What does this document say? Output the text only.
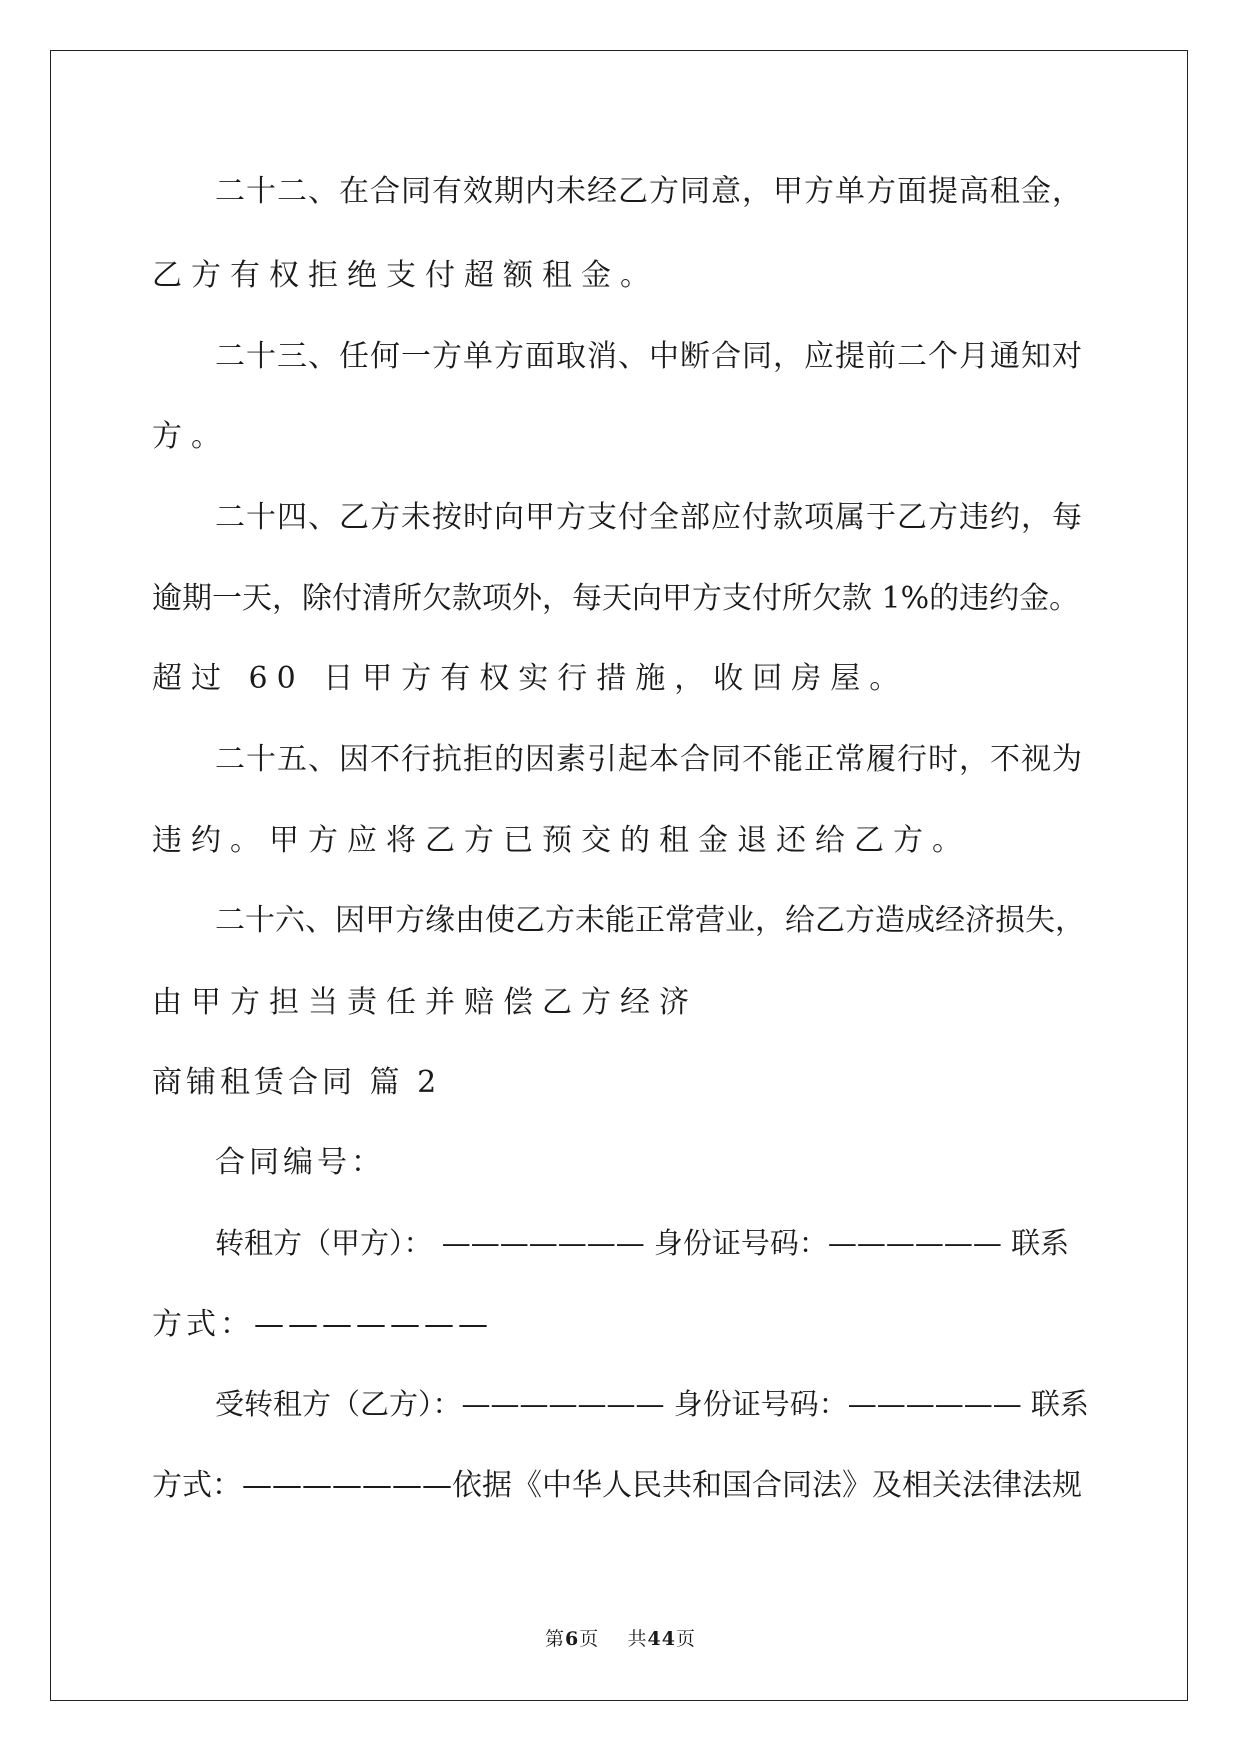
二十二、在合同有效期内未经乙方同意，甲方单方面提高租金，
乙方有权拒绝支付超额租金。
二十三、任何一方单方面取消、中断合同，应提前二个月通知对
方。
二十四、乙方未按时向甲方支付全部应付款项属于乙方违约，每
逾期一天，除付清所欠款项外，每天向甲方支付所欠款 1%的违约金。
超过 60 日甲方有权实行措施，收回房屋。
二十五、因不行抗拒的因素引起本合同不能正常履行时，不视为
违约。甲方应将乙方已预交的租金退还给乙方。
二十六、因甲方缘由使乙方未能正常营业，给乙方造成经济损失，
由甲方担当责任并赔偿乙方经济
商铺租赁合同 篇 2
合同编号：
转租方（甲方）： ——————— 身份证号码：—————— 联系
方式：———————
受转租方（乙方）：——————— 身份证号码：—————— 联系
方式：———————依据《中华人民共和国合同法》及相关法律法规
第6页 共44页
